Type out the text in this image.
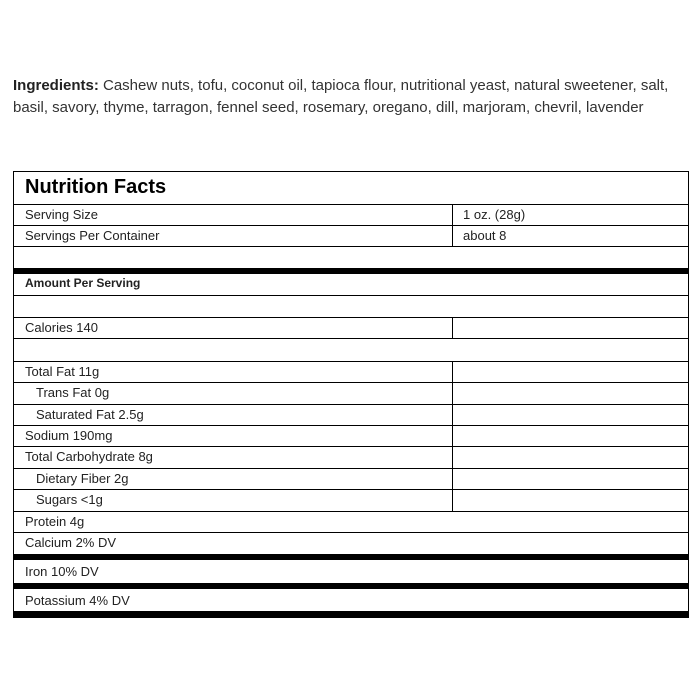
Ingredients: Cashew nuts, tofu, coconut oil, tapioca flour, nutritional yeast, natural sweetener, salt, basil, savory, thyme, tarragon, fennel seed, rosemary, oregano, dill, marjoram, chevril, lavender
Nutrition Facts
Serving Size	1 oz. (28g)
Servings Per Container	about 8
Amount Per Serving
Calories 140
Total Fat 11g
Trans Fat 0g
Saturated Fat 2.5g
Sodium 190mg
Total Carbohydrate 8g
Dietary Fiber 2g
Sugars <1g
Protein 4g
Calcium 2% DV
Iron 10% DV
Potassium 4% DV
